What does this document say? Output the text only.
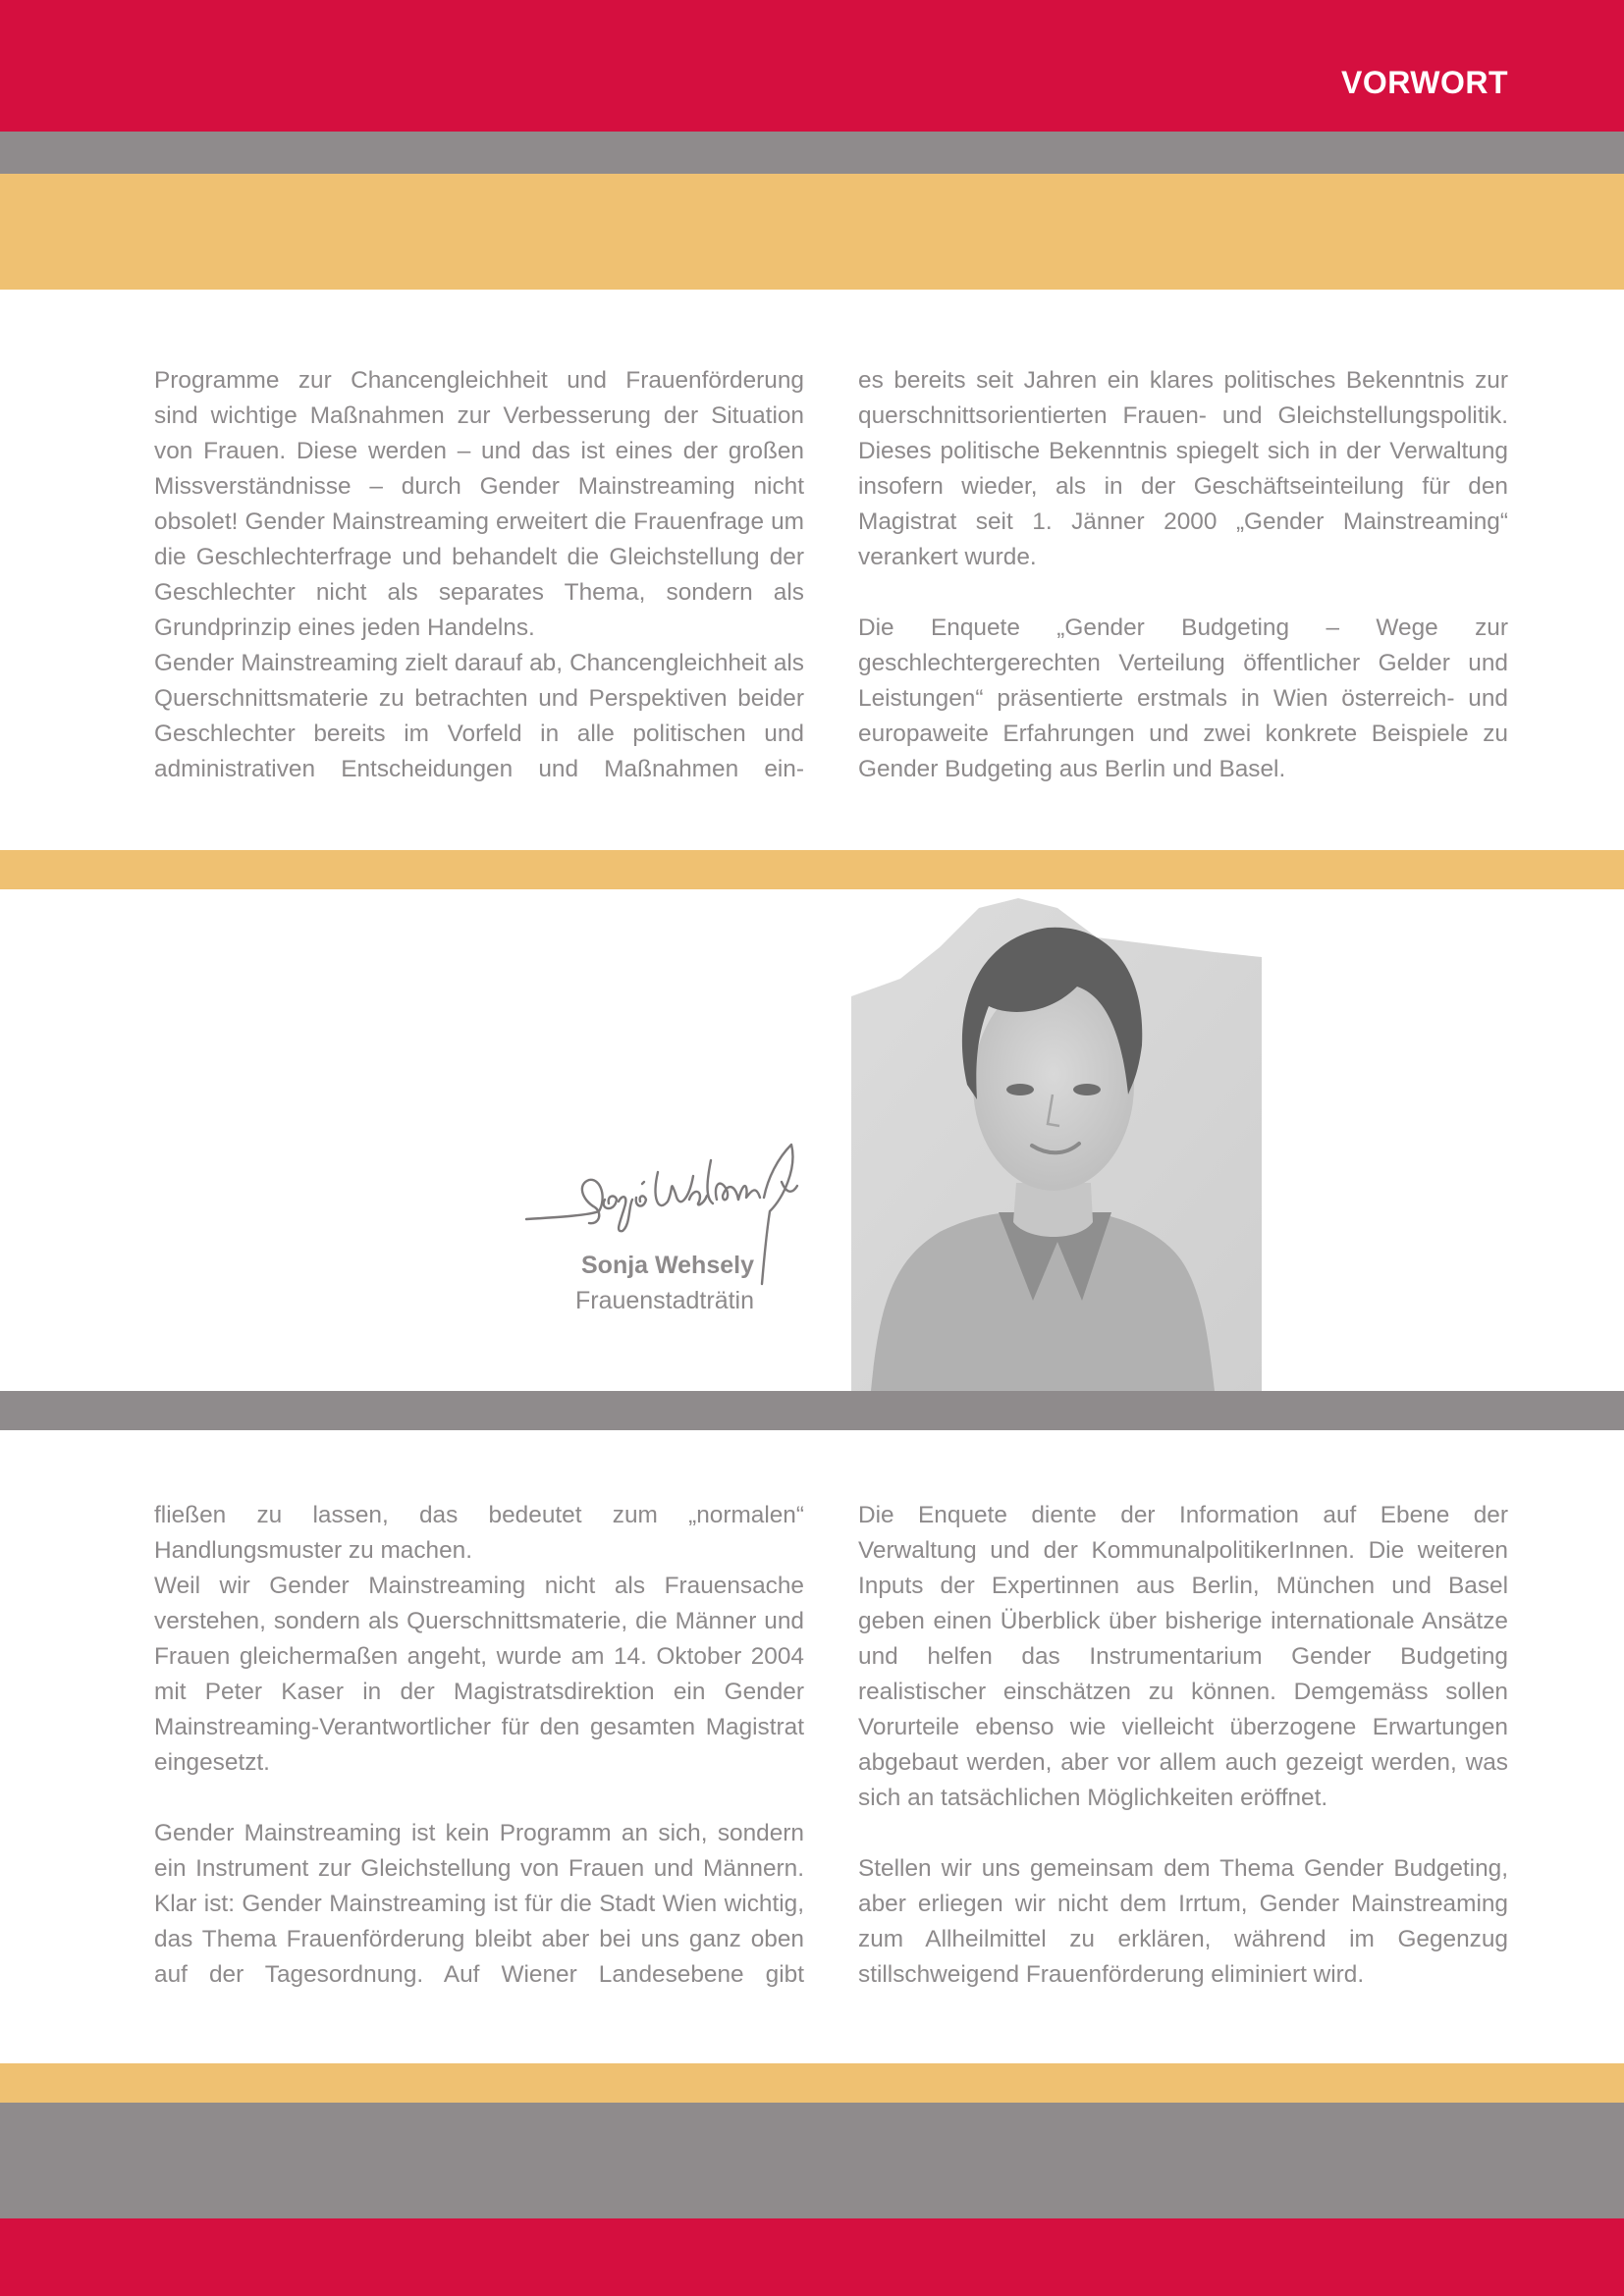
VORWORT

Programme zur Chancengleichheit und Frauenförderung sind wichtige Maßnahmen zur Verbesserung der Situation von Frauen. Diese werden – und das ist eines der großen Missverständnisse – durch Gender Mainstreaming nicht obsolet! Gender Mainstreaming erweitert die Frauenfrage um die Geschlechterfrage und behandelt die Gleichstellung der Geschlechter nicht als separates Thema, sondern als Grundprinzip eines jeden Handelns.

Gender Mainstreaming zielt darauf ab, Chancengleichheit als Querschnittsmaterie zu betrachten und Perspektiven beider Geschlechter bereits im Vorfeld in alle politischen und administrativen Entscheidungen und Maßnahmen ein-

es bereits seit Jahren ein klares politisches Bekenntnis zur querschnittsorientierten Frauen- und Gleichstellungspolitik. Dieses politische Bekenntnis spiegelt sich in der Verwaltung insofern wieder, als in der Geschäftseinteilung für den Magistrat seit 1. Jänner 2000 „Gender Mainstreaming“ verankert wurde.

Die Enquete „Gender Budgeting – Wege zur geschlechtergerechten Verteilung öffentlicher Gelder und Leistungen“ präsentierte erstmals in Wien österreich- und europaweite Erfahrungen und zwei konkrete Beispiele zu Gender Budgeting aus Berlin und Basel.

Sonja Wehsely
Frauenstadträtin

fließen zu lassen, das bedeutet zum „normalen“ Handlungsmuster zu machen.

Weil wir Gender Mainstreaming nicht als Frauensache verstehen, sondern als Querschnittsmaterie, die Männer und Frauen gleichermaßen angeht, wurde am 14. Oktober 2004 mit Peter Kaser in der Magistratsdirektion ein Gender Mainstreaming-Verantwortlicher für den gesamten Magistrat eingesetzt.

Gender Mainstreaming ist kein Programm an sich, sondern ein Instrument zur Gleichstellung von Frauen und Männern. Klar ist: Gender Mainstreaming ist für die Stadt Wien wichtig, das Thema Frauenförderung bleibt aber bei uns ganz oben auf der Tagesordnung. Auf Wiener Landesebene gibt

Die Enquete diente der Information auf Ebene der Verwaltung und der KommunalpolitikerInnen. Die weiteren Inputs der Expertinnen aus Berlin, München und Basel geben einen Überblick über bisherige internationale Ansätze und helfen das Instrumentarium Gender Budgeting realistischer einschätzen zu können. Demgemäss sollen Vorurteile ebenso wie vielleicht überzogene Erwartungen abgebaut werden, aber vor allem auch gezeigt werden, was sich an tatsächlichen Möglichkeiten eröffnet.

Stellen wir uns gemeinsam dem Thema Gender Budgeting, aber erliegen wir nicht dem Irrtum, Gender Mainstreaming zum Allheilmittel zu erklären, während im Gegenzug stillschweigend Frauenförderung eliminiert wird.
